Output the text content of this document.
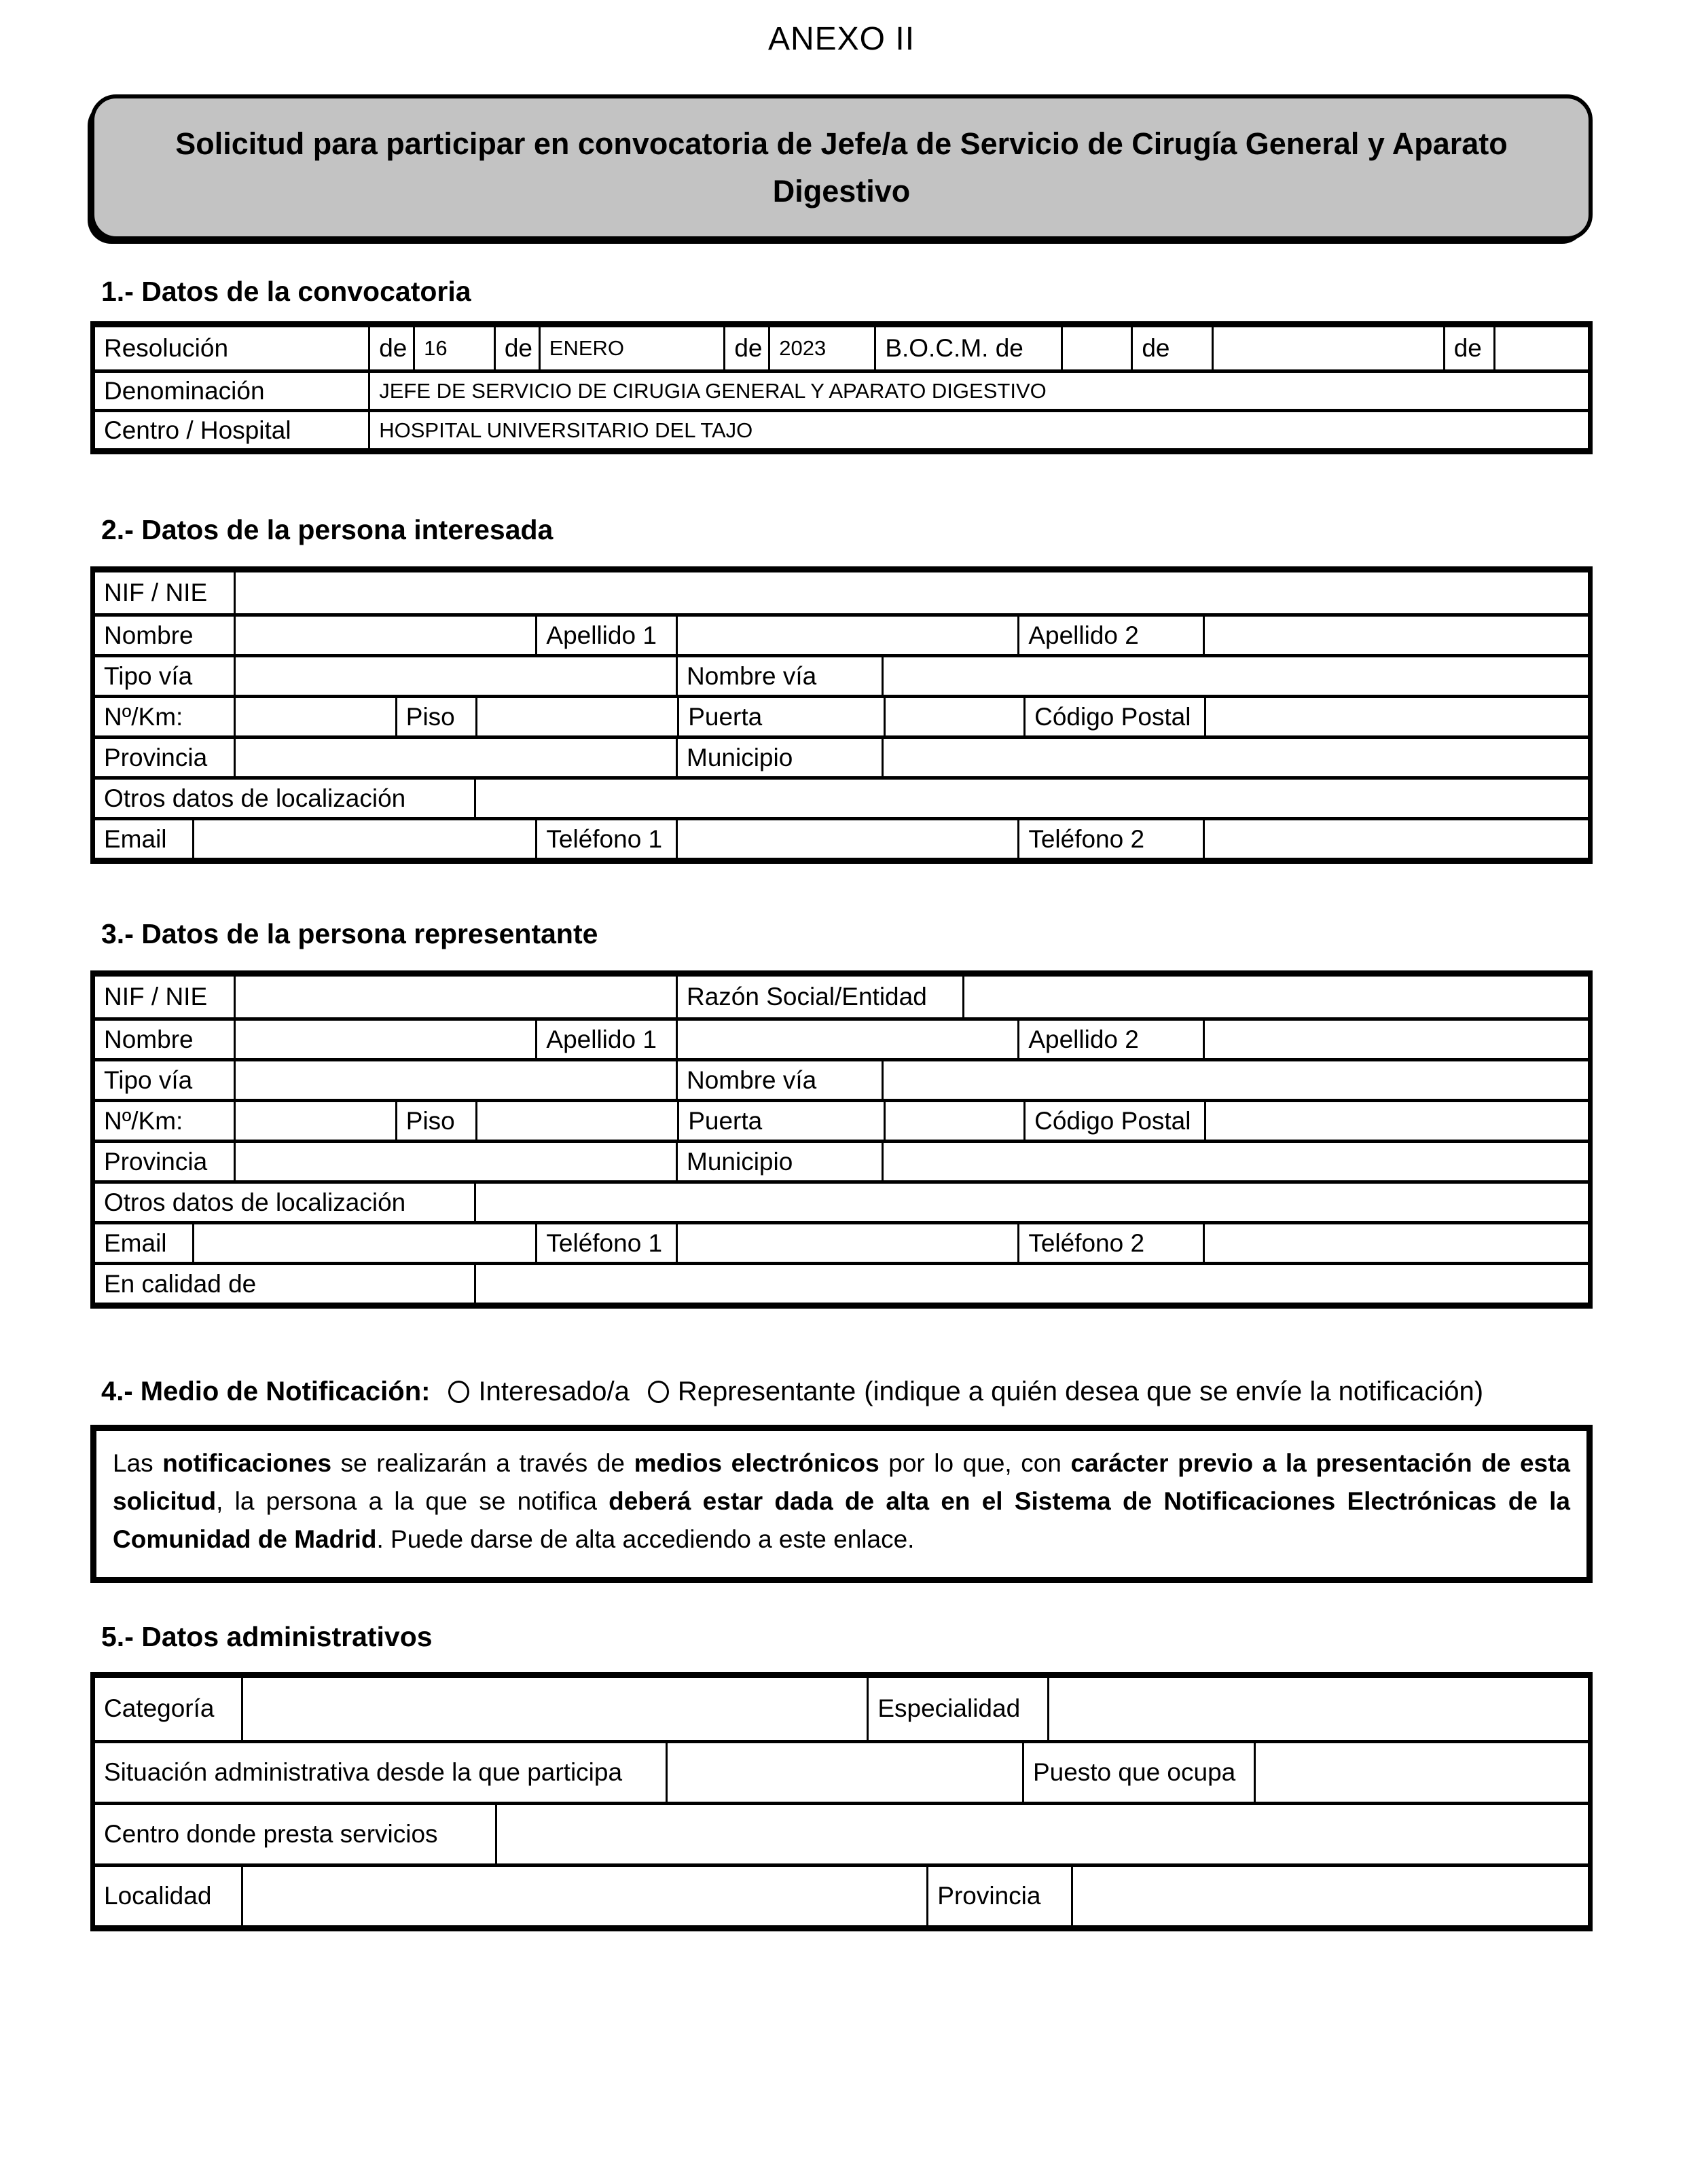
ANEXO II
Solicitud para participar en convocatoria de Jefe/a de Servicio de Cirugía General y Aparato Digestivo
1.- Datos de la convocatoria
Resolución	de 16	de ENERO	de 2023	B.O.C.M. de	de	de
Denominación	JEFE DE SERVICIO DE CIRUGIA GENERAL Y APARATO DIGESTIVO
Centro / Hospital	HOSPITAL UNIVERSITARIO DEL TAJO
2.- Datos de la persona interesada
NIF / NIE
Nombre	Apellido 1	Apellido 2
Tipo vía	Nombre vía
Nº/Km:	Piso	Puerta	Código Postal
Provincia	Municipio
Otros datos de localización
Email	Teléfono 1	Teléfono 2
3.- Datos de la persona representante
NIF / NIE	Razón Social/Entidad
Nombre	Apellido 1	Apellido 2
Tipo vía	Nombre vía
Nº/Km:	Piso	Puerta	Código Postal
Provincia	Municipio
Otros datos de localización
Email	Teléfono 1	Teléfono 2
En calidad de
4.- Medio de Notificación: Interesado/a Representante (indique a quién desea que se envíe la notificación)
Las notificaciones se realizarán a través de medios electrónicos por lo que, con carácter previo a la presentación de esta solicitud, la persona a la que se notifica deberá estar dada de alta en el Sistema de Notificaciones Electrónicas de la Comunidad de Madrid. Puede darse de alta accediendo a este enlace.
5.- Datos administrativos
Categoría	Especialidad
Situación administrativa desde la que participa	Puesto que ocupa
Centro donde presta servicios
Localidad	Provincia
